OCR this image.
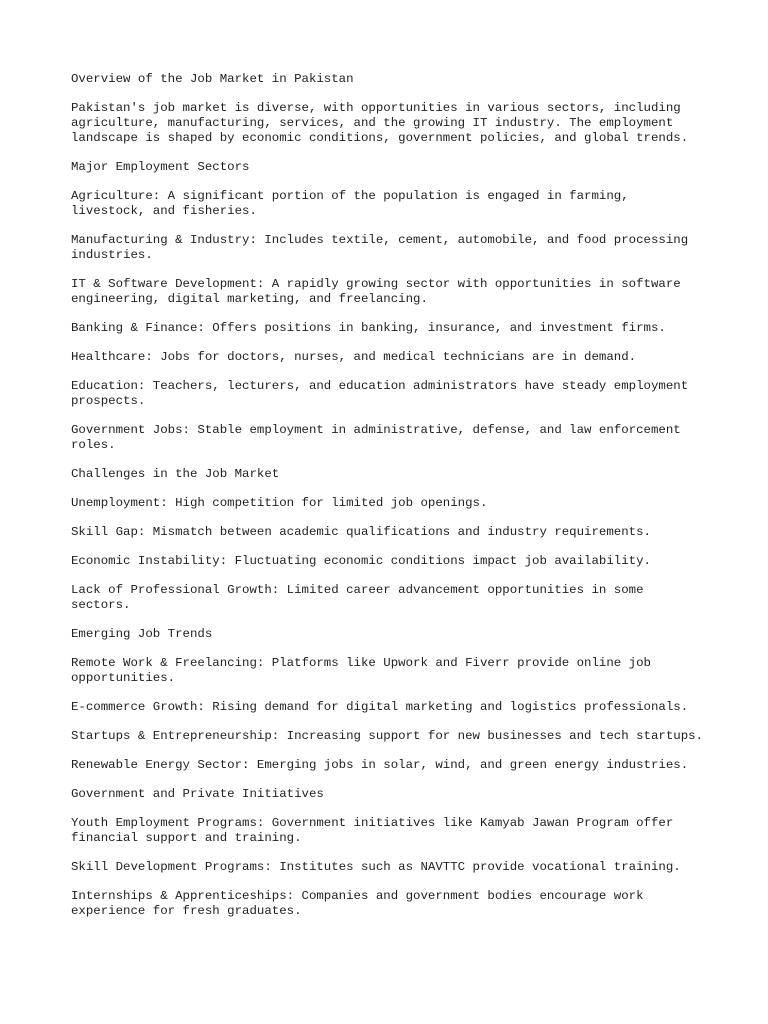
Overview of the Job Market in Pakistan

Pakistan's job market is diverse, with opportunities in various sectors, including agriculture, manufacturing, services, and the growing IT industry. The employment landscape is shaped by economic conditions, government policies, and global trends.

Major Employment Sectors

Agriculture: A significant portion of the population is engaged in farming, livestock, and fisheries.

Manufacturing & Industry: Includes textile, cement, automobile, and food processing industries.

IT & Software Development: A rapidly growing sector with opportunities in software engineering, digital marketing, and freelancing.

Banking & Finance: Offers positions in banking, insurance, and investment firms.

Healthcare: Jobs for doctors, nurses, and medical technicians are in demand.

Education: Teachers, lecturers, and education administrators have steady employment prospects.

Government Jobs: Stable employment in administrative, defense, and law enforcement roles.

Challenges in the Job Market

Unemployment: High competition for limited job openings.

Skill Gap: Mismatch between academic qualifications and industry requirements.

Economic Instability: Fluctuating economic conditions impact job availability.

Lack of Professional Growth: Limited career advancement opportunities in some sectors.

Emerging Job Trends

Remote Work & Freelancing: Platforms like Upwork and Fiverr provide online job opportunities.

E-commerce Growth: Rising demand for digital marketing and logistics professionals.

Startups & Entrepreneurship: Increasing support for new businesses and tech startups.

Renewable Energy Sector: Emerging jobs in solar, wind, and green energy industries.

Government and Private Initiatives

Youth Employment Programs: Government initiatives like Kamyab Jawan Program offer financial support and training.

Skill Development Programs: Institutes such as NAVTTC provide vocational training.

Internships & Apprenticeships: Companies and government bodies encourage work experience for fresh graduates.
